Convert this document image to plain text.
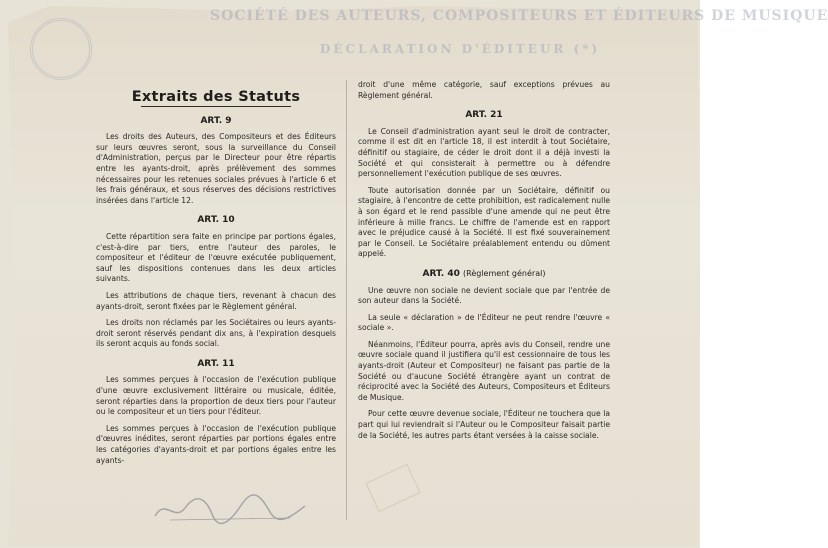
SOCIÉTÉ DES AUTEURS, COMPOSITEURS ET ÉDITEURS DE MUSIQUE
DÉCLARATION D'ÉDITEUR (*)
Extraits des Statuts
ART. 9

Les droits des Auteurs, des Compositeurs et des Éditeurs sur leurs œuvres seront, sous la surveillance du Conseil d'Administration, perçus par le Directeur pour être répartis entre les ayants-droit, après prélèvement des sommes nécessaires pour les retenues sociales prévues à l'article 6 et les frais généraux, et sous réserves des décisions restrictives insérées dans l'article 12.

ART. 10

Cette répartition sera faite en principe par portions égales, c'est-à-dire par tiers, entre l'auteur des paroles, le compositeur et l'éditeur de l'œuvre exécutée publiquement, sauf les dispositions contenues dans les deux articles suivants.

Les attributions de chaque tiers, revenant à chacun des ayants-droit, seront fixées par le Règlement général.

Les droits non réclamés par les Sociétaires ou leurs ayants-droit seront réservés pendant dix ans, à l'expiration desquels ils seront acquis au fonds social.

ART. 11

Les sommes perçues à l'occasion de l'exécution publique d'une œuvre exclusivement littéraire ou musicale, éditée, seront réparties dans la proportion de deux tiers pour l'auteur ou le compositeur et un tiers pour l'éditeur.

Les sommes perçues à l'occasion de l'exécution publique d'œuvres inédites, seront réparties par portions égales entre les catégories d'ayants-droit et par portions égales entre les ayants-

droit d'une même catégorie, sauf exceptions prévues au Règlement général.

ART. 21

Le Conseil d'administration ayant seul le droit de contracter, comme il est dit en l'article 18, il est interdit à tout Sociétaire, définitif ou stagiaire, de céder le droit dont il a déjà investi la Société et qui consisterait à permettre ou à défendre personnellement l'exécution publique de ses œuvres.

Toute autorisation donnée par un Sociétaire, définitif ou stagiaire, à l'encontre de cette prohibition, est radicalement nulle à son égard et le rend passible d'une amende qui ne peut être inférieure à mille francs. Le chiffre de l'amende est en rapport avec le préjudice causé à la Société. Il est fixé souverainement par le Conseil. Le Sociétaire préalablement entendu ou dûment appelé.

ART. 40 (Règlement général)

Une œuvre non sociale ne devient sociale que par l'entrée de son auteur dans la Société.

La seule « déclaration » de l'Éditeur ne peut rendre l'œuvre « sociale ».

Néanmoins, l'Éditeur pourra, après avis du Conseil, rendre une œuvre sociale quand il justifiera qu'il est cessionnaire de tous les ayants-droit (Auteur et Compositeur) ne faisant pas partie de la Société ou d'aucune Société étrangère ayant un contrat de réciprocité avec la Société des Auteurs, Compositeurs et Éditeurs de Musique.

Pour cette œuvre devenue sociale, l'Éditeur ne touchera que la part qui lui reviendrait si l'Auteur ou le Compositeur faisait partie de la Société, les autres parts étant versées à la caisse sociale.
